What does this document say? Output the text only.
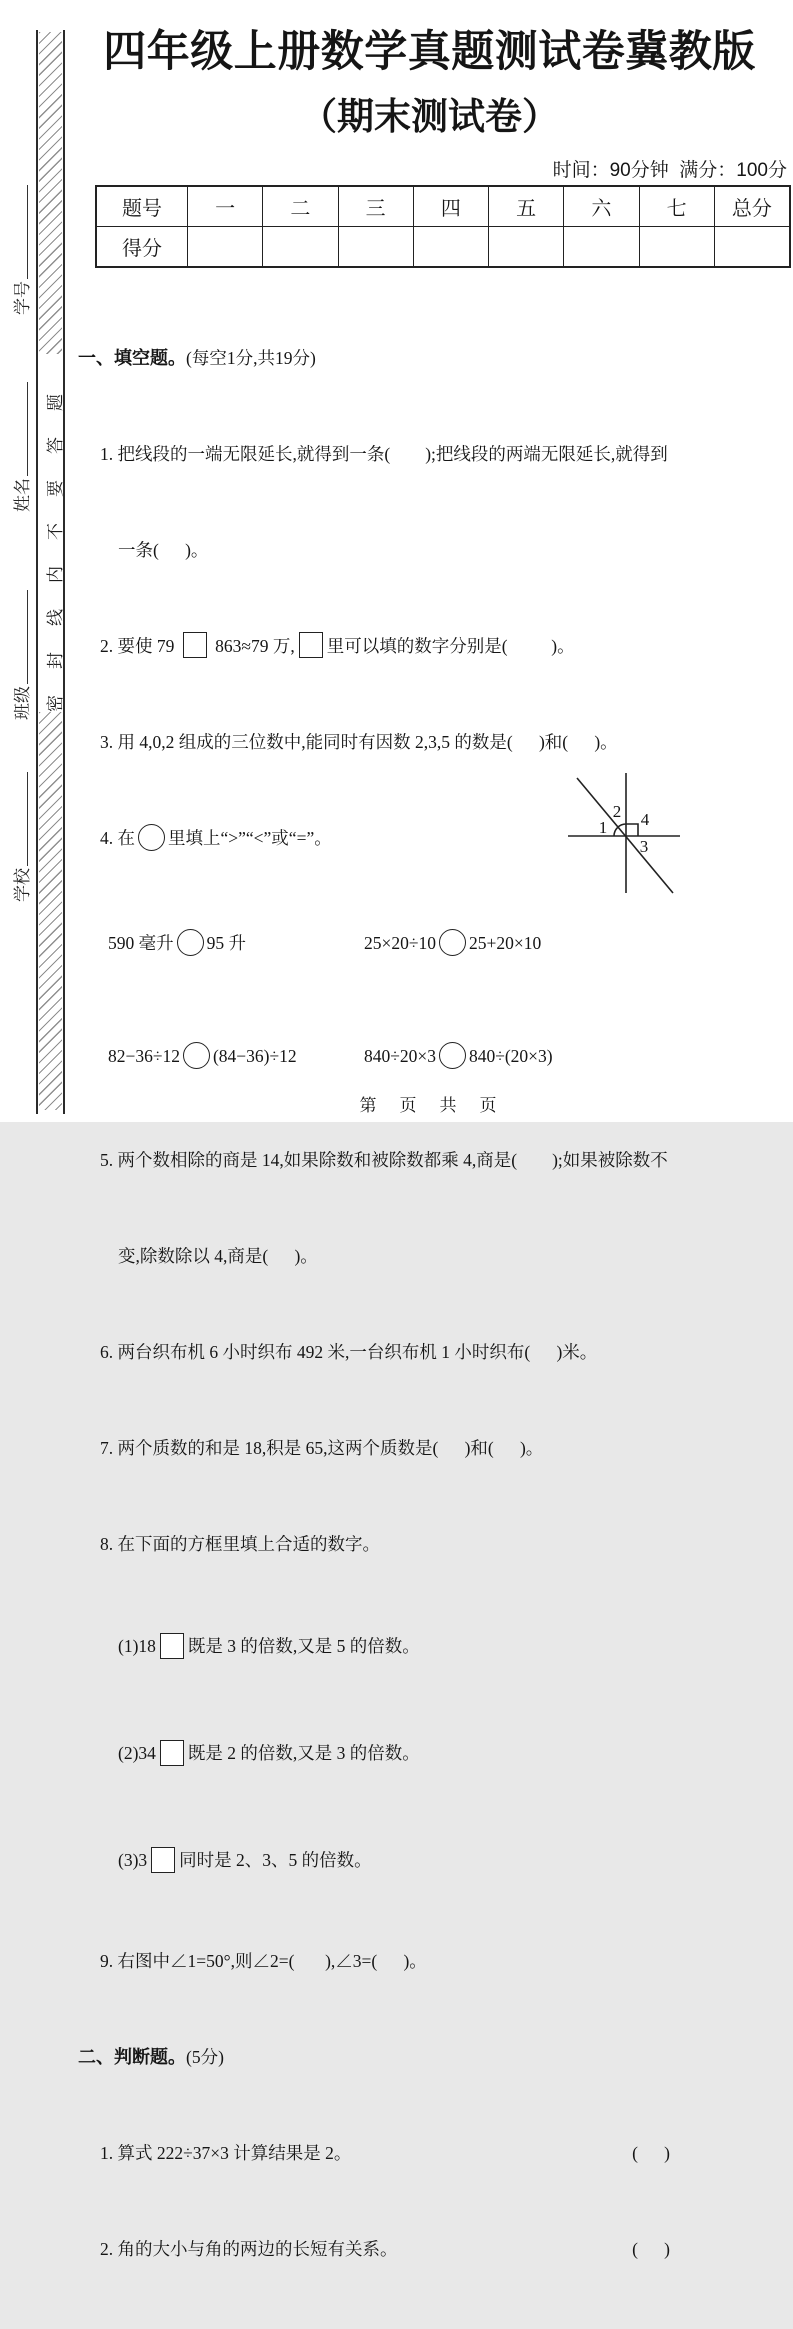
密封线内不要答题
学号
姓名
班级
学校
四年级上册数学真题测试卷冀教版
（期末测试卷）
时间：90分钟  满分：100分
题号	一	二	三	四	五	六	七	总分
得分

一、填空题。(每空1分,共19分)

1. 把线段的一端无限延长,就得到一条(        );把线段的两端无限延长,就得到

一条(      )。

2. 要使 79  863≈79 万, 里可以填的数字分别是(          )。

3. 用 4,0,2 组成的三位数中,能同时有因数 2,3,5 的数是(      )和(      )。

4. 在 里填上“>”“<”或“=”。

590 毫升 95 升	25×20÷10 25+20×10

82−36÷12 (84−36)÷12	840÷20×3 840÷(20×3)

5. 两个数相除的商是 14,如果除数和被除数都乘 4,商是(        );如果被除数不

变,除数除以 4,商是(      )。

6. 两台织布机 6 小时织布 492 米,一台织布机 1 小时织布(      )米。

7. 两个质数的和是 18,积是 65,这两个质数是(      )和(      )。

8. 在下面的方框里填上合适的数字。

(1)18 既是 3 的倍数,又是 5 的倍数。

(2)34 既是 2 的倍数,又是 3 的倍数。

(3)3 同时是 2、3、5 的倍数。

9. 右图中∠1=50°,则∠2=(       ),∠3=(      )。

二、判断题。(5分)

1. 算式 222÷37×3 计算结果是 2。	(      )

2. 角的大小与角的两边的长短有关系。	(      )

1
2 4
3
第　页　共　页
